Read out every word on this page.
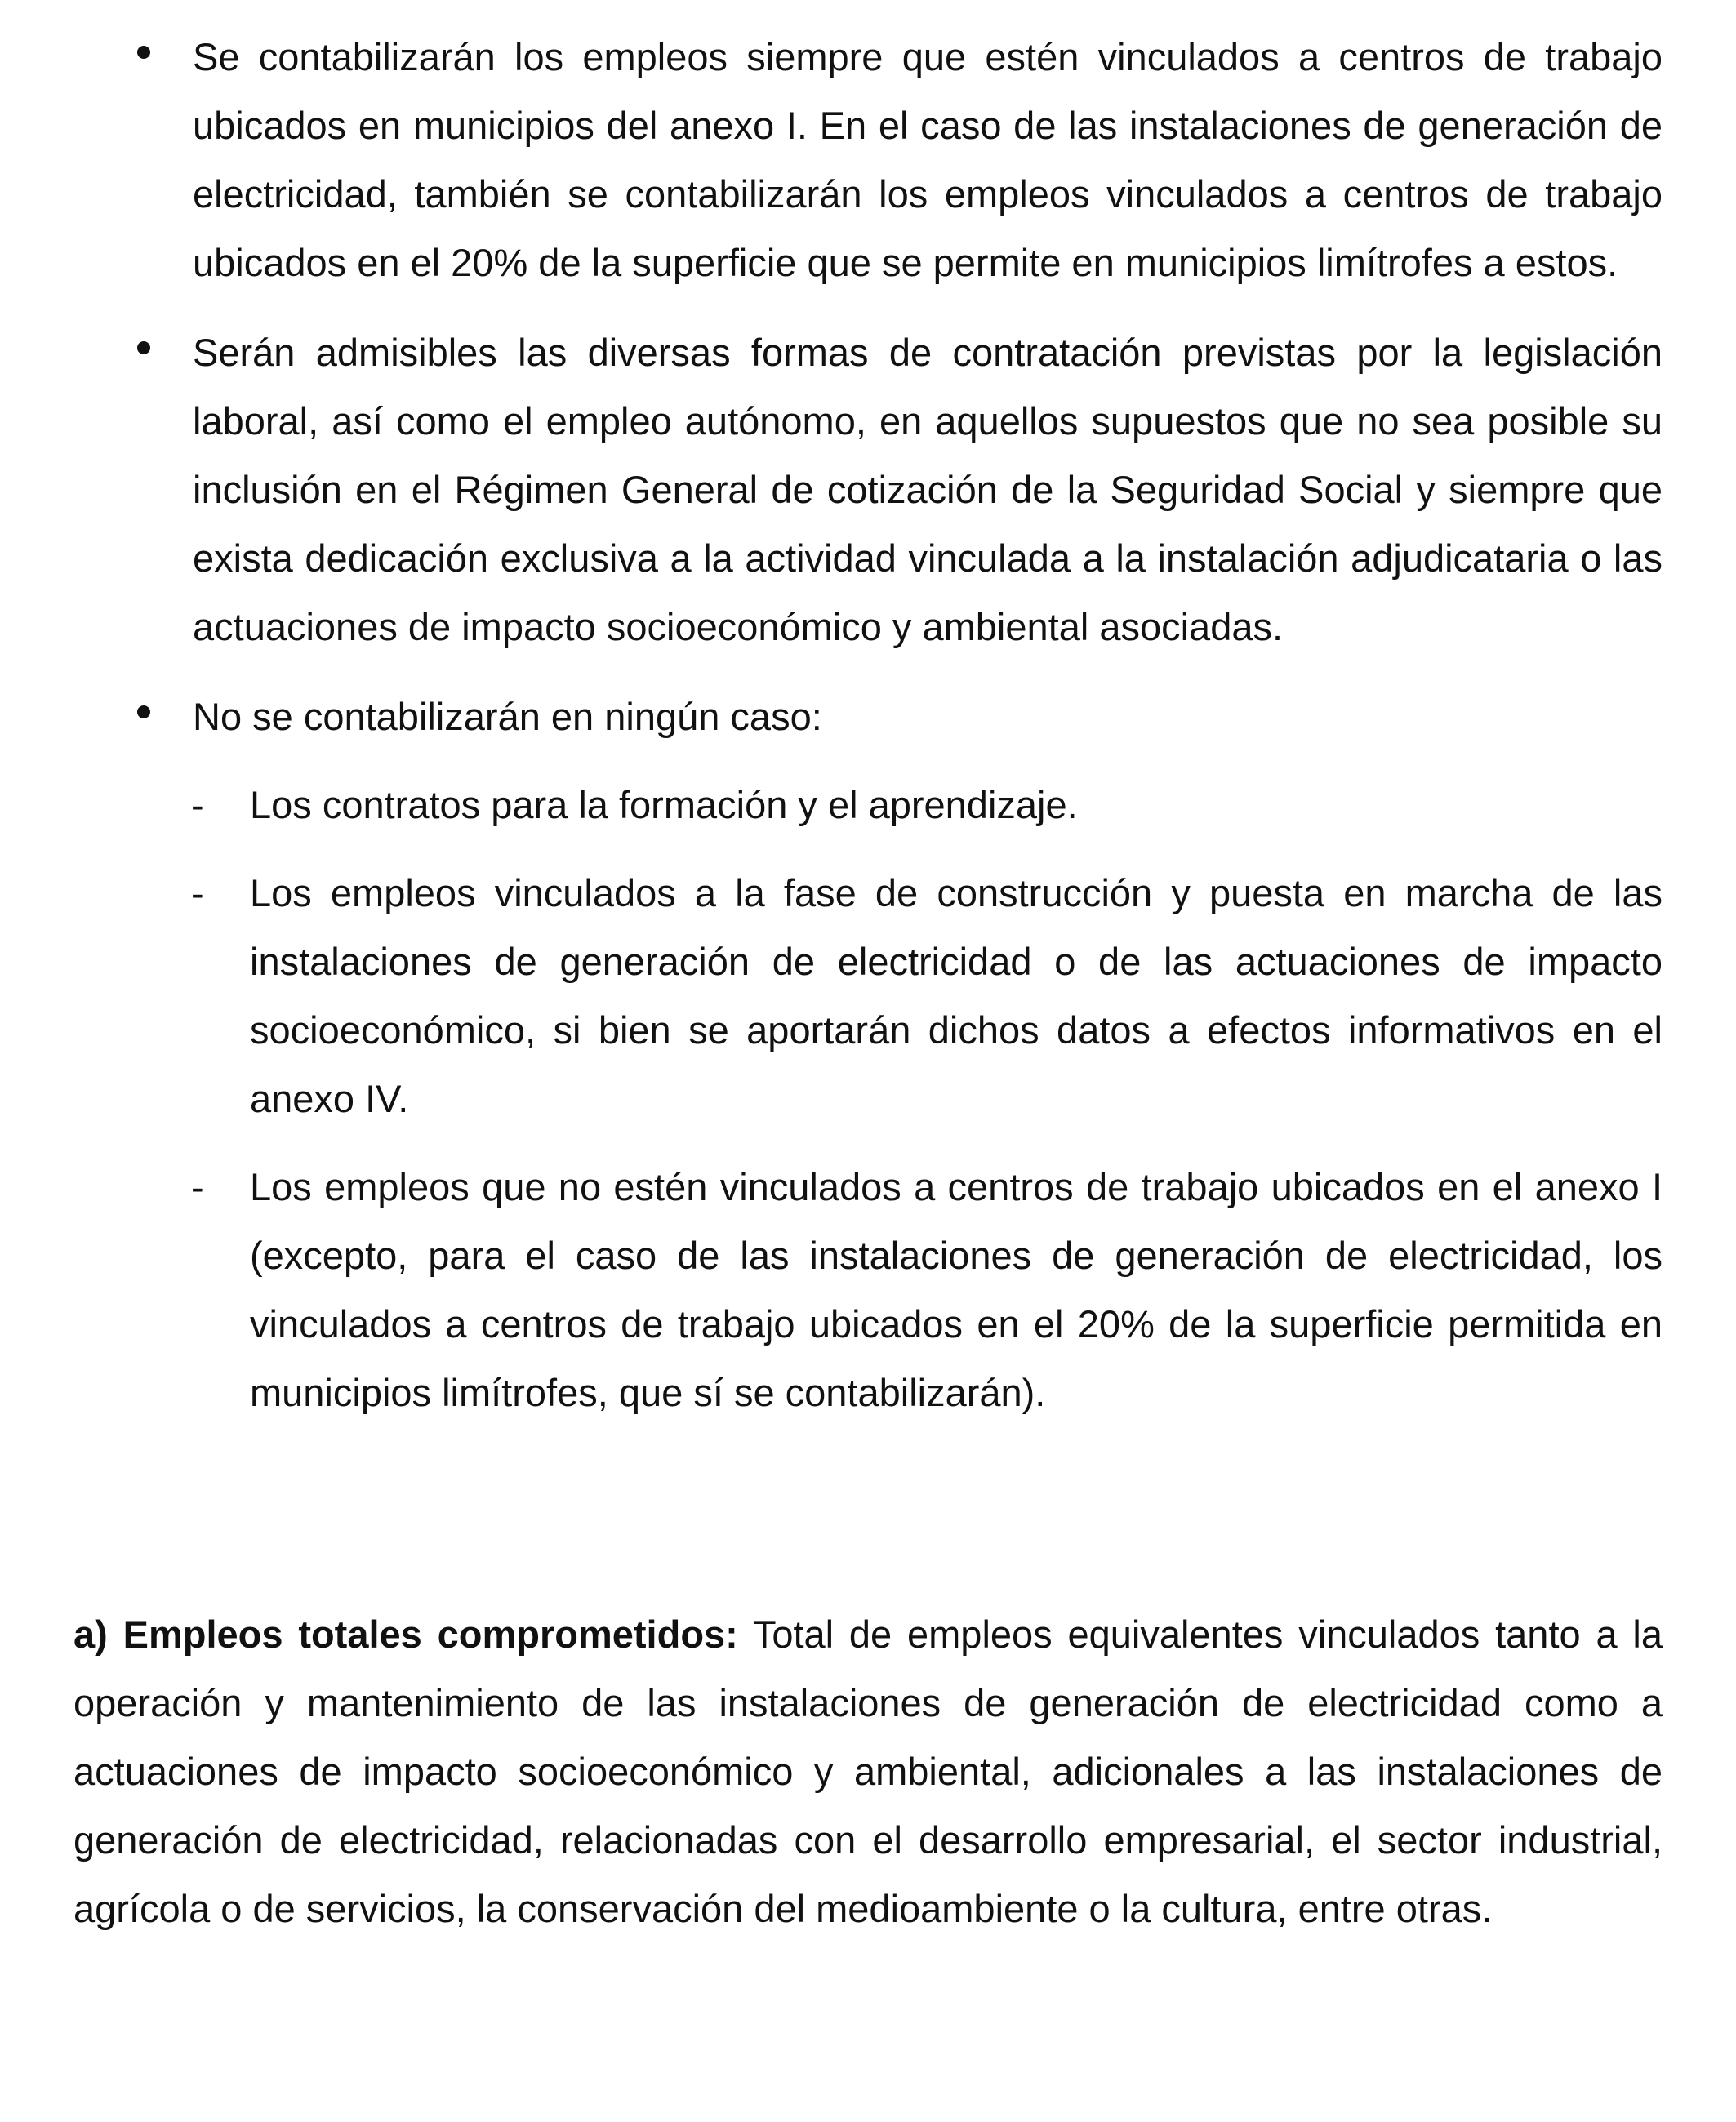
Se contabilizarán los empleos siempre que estén vinculados a centros de trabajo ubicados en municipios del anexo I. En el caso de las instalaciones de generación de electricidad, también se contabilizarán los empleos vinculados a centros de trabajo ubicados en el 20% de la superficie que se permite en municipios limítrofes a estos.

Serán admisibles las diversas formas de contratación previstas por la legislación laboral, así como el empleo autónomo, en aquellos supuestos que no sea posible su inclusión en el Régimen General de cotización de la Seguridad Social y siempre que exista dedicación exclusiva a la actividad vinculada a la instalación adjudicataria o las actuaciones de impacto socioeconómico y ambiental asociadas.

No se contabilizarán en ningún caso:

- Los contratos para la formación y el aprendizaje.

- Los empleos vinculados a la fase de construcción y puesta en marcha de las instalaciones de generación de electricidad o de las actuaciones de impacto socioeconómico, si bien se aportarán dichos datos a efectos informativos en el anexo IV.

- Los empleos que no estén vinculados a centros de trabajo ubicados en el anexo I (excepto, para el caso de las instalaciones de generación de electricidad, los vinculados a centros de trabajo ubicados en el 20% de la superficie permitida en municipios limítrofes, que sí se contabilizarán).

a) Empleos totales comprometidos: Total de empleos equivalentes vinculados tanto a la operación y mantenimiento de las instalaciones de generación de electricidad como a actuaciones de impacto socioeconómico y ambiental, adicionales a las instalaciones de generación de electricidad, relacionadas con el desarrollo empresarial, el sector industrial, agrícola o de servicios, la conservación del medioambiente o la cultura, entre otras.
